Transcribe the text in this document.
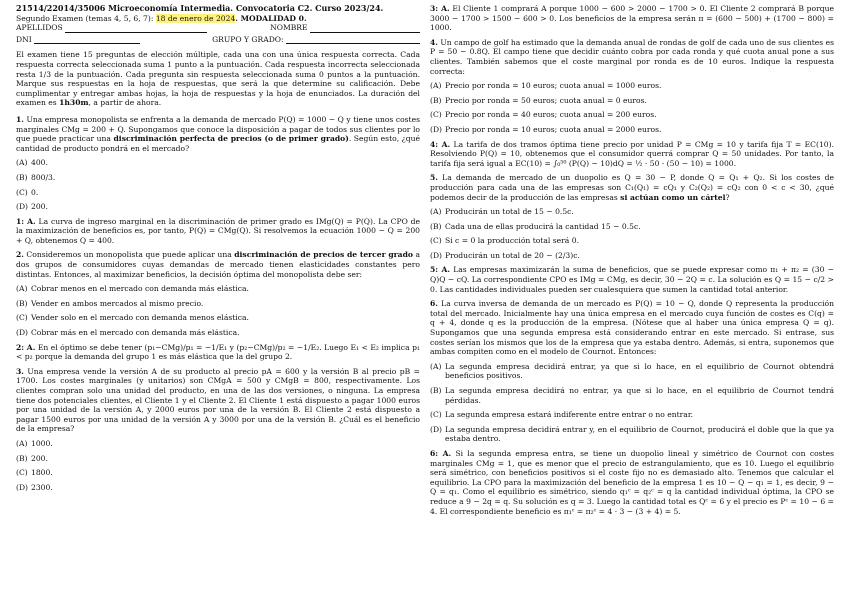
21514/22014/35006 Microeconomía Intermedia. Convocatoria C2. Curso 2023/24.
Segundo Examen (temas 4, 5, 6, 7): 18 de enero de 2024. MODALIDAD 0.
APELLIDOS	NOMBRE
DNI	GRUPO Y GRADO:

El examen tiene 15 preguntas de elección múltiple, cada una con una única respuesta correcta. Cada respuesta correcta seleccionada suma 1 punto a la puntuación. Cada respuesta incorrecta seleccionada resta 1/3 de la puntuación. Cada pregunta sin respuesta seleccionada suma 0 puntos a la puntuación. Marque sus respuestas en la hoja de respuestas, que será la que determine su calificación. Debe cumplimentar y entregar ambas hojas, la hoja de respuestas y la hoja de enunciados. La duración del examen es 1h30m, a partir de ahora.

1. Una empresa monopolista se enfrenta a la demanda de mercado P(Q) = 1000 − Q y tiene unos costes marginales CMg = 200 + Q. Supongamos que conoce la disposición a pagar de todos sus clientes por lo que puede practicar una discriminación perfecta de precios (o de primer grado). Según esto, ¿qué cantidad de producto pondrá en el mercado?

(A) 400.
(B) 800/3.
(C) 0.
(D) 200.

1: A. La curva de ingreso marginal en la discriminación de primer grado es IMg(Q) = P(Q). La CPO de la maximización de beneficios es, por tanto, P(Q) = CMg(Q). Si resolvemos la ecuación 1000 − Q = 200 + Q, obtenemos Q = 400.

2. Consideremos un monopolista que puede aplicar una discriminación de precios de tercer grado a dos grupos de consumidores cuyas demandas de mercado tienen elasticidades constantes pero distintas. Entonces, al maximizar beneficios, la decisión óptima del monopolista debe ser:

(A) Cobrar menos en el mercado con demanda más elástica.
(B) Vender en ambos mercados al mismo precio.
(C) Vender solo en el mercado con demanda menos elástica.
(D) Cobrar más en el mercado con demanda más elástica.

2: A. En el óptimo se debe tener (p₁−CMg)/p₁ = −1/E₁ y (p₂−CMg)/p₂ = −1/E₂. Luego E₁ < E₂ implica p₁ < p₂ porque la demanda del grupo 1 es más elástica que la del grupo 2.

3. Una empresa vende la versión A de su producto al precio pA = 600 y la versión B al precio pB = 1700. Los costes marginales (y unitarios) son CMgA = 500 y CMgB = 800, respectivamente. Los clientes compran solo una unidad del producto, en una de las dos versiones, o ninguna. La empresa tiene dos potenciales clientes, el Cliente 1 y el Cliente 2. El Cliente 1 está dispuesto a pagar 1000 euros por una unidad de la versión A, y 2000 euros por una de la versión B. El Cliente 2 está dispuesto a pagar 1500 euros por una unidad de la versión A y 3000 por una de la versión B. ¿Cuál es el beneficio de la empresa?

(A) 1000.
(B) 200.
(C) 1800.
(D) 2300.

3: A. El Cliente 1 comprará A porque 1000 − 600 > 2000 − 1700 > 0. El Cliente 2 comprará B porque 3000 − 1700 > 1500 − 600 > 0. Los beneficios de la empresa serán π = (600 − 500) + (1700 − 800) = 1000.

4. Un campo de golf ha estimado que la demanda anual de rondas de golf de cada uno de sus clientes es P = 50 − 0.8Q. El campo tiene que decidir cuánto cobra por cada ronda y qué cuota anual pone a sus clientes. También sabemos que el coste marginal por ronda es de 10 euros. Indique la respuesta correcta:

(A) Precio por ronda = 10 euros; cuota anual = 1000 euros.
(B) Precio por ronda = 50 euros; cuota anual = 0 euros.
(C) Precio por ronda = 40 euros; cuota anual = 200 euros.
(D) Precio por ronda = 10 euros; cuota anual = 2000 euros.

4: A. La tarifa de dos tramos óptima tiene precio por unidad P = CMg = 10 y tarifa fija T = EC(10). Resolviendo P(Q) = 10, obtenemos que el consumidor querrá comprar Q = 50 unidades. Por tanto, la tarifa fija será igual a EC(10) = ∫₀⁵⁰ (P(Q) − 10)dQ = ½ · 50 · (50 − 10) = 1000.

5. La demanda de mercado de un duopolio es Q = 30 − P, donde Q = Q₁ + Q₂. Si los costes de producción para cada una de las empresas son C₁(Q₁) = cQ₁ y C₂(Q₂) = cQ₂ con 0 < c < 30, ¿qué podemos decir de la producción de las empresas si actúan como un cártel?

(A) Producirán un total de 15 − 0.5c.
(B) Cada una de ellas producirá la cantidad 15 − 0.5c.
(C) Si c = 0 la producción total será 0.
(D) Producirán un total de 20 − (2/3)c.

5: A. Las empresas maximizarán la suma de beneficios, que se puede expresar como π₁ + π₂ = (30 − Q)Q − cQ. La correspondiente CPO es IMg = CMg, es decir, 30 − 2Q = c. La solución es Q = 15 − c/2 > 0. Las cantidades individuales pueden ser cualesquiera que sumen la cantidad total anterior.

6. La curva inversa de demanda de un mercado es P(Q) = 10 − Q, donde Q representa la producción total del mercado. Inicialmente hay una única empresa en el mercado cuya función de costes es C(q) = q + 4, donde q es la producción de la empresa. (Nótese que al haber una única empresa Q = q). Supongamos que una segunda empresa está considerando entrar en este mercado. Si entrase, sus costes serían los mismos que los de la empresa que ya estaba dentro. Además, si entra, suponemos que ambas compiten como en el modelo de Cournot. Entonces:

(A) La segunda empresa decidirá entrar, ya que si lo hace, en el equilibrio de Cournot obtendrá beneficios positivos.
(B) La segunda empresa decidirá no entrar, ya que si lo hace, en el equilibrio de Cournot tendrá pérdidas.
(C) La segunda empresa estará indiferente entre entrar o no entrar.
(D) La segunda empresa decidirá entrar y, en el equilibrio de Cournot, producirá el doble que la que ya estaba dentro.

6: A. Si la segunda empresa entra, se tiene un duopolio lineal y simétrico de Cournot con costes marginales CMg = 1, que es menor que el precio de estrangulamiento, que es 10. Luego el equilibrio será simétrico, con beneficios positivos si el coste fijo no es demasiado alto. Tenemos que calcular el equilibrio. La CPO para la maximización del beneficio de la empresa 1 es 10 − Q − q₁ = 1, es decir, 9 − Q = q₁. Como el equilibrio es simétrico, siendo q₁ᶜ = q₂ᶜ = q la cantidad individual óptima, la CPO se reduce a 9 − 2q = q. Su solución es q = 3. Luego la cantidad total es Qᶜ = 6 y el precio es Pᶜ = 10 − 6 = 4. El correspondiente beneficio es π₁ᶜ = π₂ᶜ = 4 · 3 − (3 + 4) = 5.
